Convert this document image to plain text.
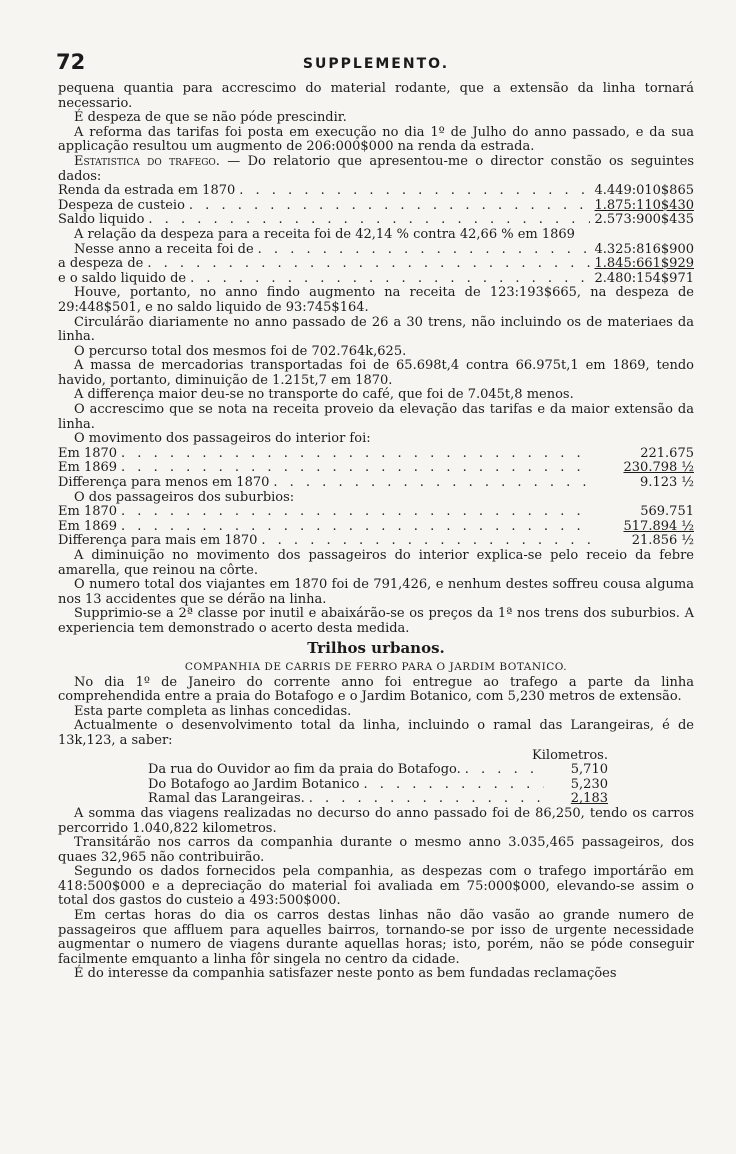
72	SUPPLEMENTO.

pequena quantia para accrescimo do material rodante, que a extensão da linha tornará necessario.

É despeza de que se não póde prescindir.

A reforma das tarifas foi posta em execução no dia 1º de Julho do anno passado, e da sua applicação resultou um augmento de 206:000$000 na renda da estrada.

Estatistica do trafego. — Do relatorio que apresentou-me o director constão os seguintes dados:

Renda da estrada em 1870 . . .	4.449:010$865
Despeza de custeio . . .	1.875:110$430
Saldo liquido . . .	2.573:900$435

A relação da despeza para a receita foi de 42,14 % contra 42,66 % em 1869

Nesse anno a receita foi de . . .	4.325:816$900
a despeza de . . .	1.845:661$929
e o saldo liquido de . . .	2.480:154$971

Houve, portanto, no anno findo augmento na receita de 123:193$665, na despeza de 29:448$501, e no saldo liquido de 93:745$164.

Circulárão diariamente no anno passado de 26 a 30 trens, não incluindo os de materiaes da linha.

O percurso total dos mesmos foi de 702.764k,625.

A massa de mercadorias transportadas foi de 65.698t,4 contra 66.975t,1 em 1869, tendo havido, portanto, diminuição de 1.215t,7 em 1870.

A differença maior deu-se no transporte do café, que foi de 7.045t,8 menos.

O accrescimo que se nota na receita proveio da elevação das tarifas e da maior extensão da linha.

O movimento dos passageiros do interior foi:

Em 1870 . . .	221.675
Em 1869 . . .	230.798 ½
Differença para menos em 1870 . . .	9.123 ½

O dos passageiros dos suburbios:

Em 1870 . . .	569.751
Em 1869 . . .	517.894 ½
Differença para mais em 1870 . . .	21.856 ½

A diminuição no movimento dos passageiros do interior explica-se pelo receio da febre amarella, que reinou na côrte.

O numero total dos viajantes em 1870 foi de 791,426, e nenhum destes soffreu cousa alguma nos 13 accidentes que se dérão na linha.

Supprimio-se a 2ª classe por inutil e abaixárão-se os preços da 1ª nos trens dos suburbios. A experiencia tem demonstrado o acerto desta medida.

Trilhos urbanos.
COMPANHIA DE CARRIS DE FERRO PARA O JARDIM BOTANICO.

No dia 1º de Janeiro do corrente anno foi entregue ao trafego a parte da linha comprehendida entre a praia do Botafogo e o Jardim Botanico, com 5,230 metros de extensão.

Esta parte completa as linhas concedidas.

Actualmente o desenvolvimento total da linha, incluindo o ramal das Larangeiras, é de 13k,123, a saber:

Kilometros.
Da rua do Ouvidor ao fim da praia do Botafogo. . . .	5,710
Do Botafogo ao Jardim Botanico . . .	5,230
Ramal das Larangeiras. . . .	2,183

A somma das viagens realizadas no decurso do anno passado foi de 86,250, tendo os carros percorrido 1.040,822 kilometros.

Transitárão nos carros da companhia durante o mesmo anno 3.035,465 passageiros, dos quaes 32,965 não contribuirão.

Segundo os dados fornecidos pela companhia, as despezas com o trafego importárão em 418:500$000 e a depreciação do material foi avaliada em 75:000$000, elevando-se assim o total dos gastos do custeio a 493:500$000.

Em certas horas do dia os carros destas linhas não dão vasão ao grande numero de passageiros que affluem para aquelles bairros, tornando-se por isso de urgente necessidade augmentar o numero de viagens durante aquellas horas; isto, porém, não se póde conseguir facilmente emquanto a linha fôr singela no centro da cidade.

É do interesse da companhia satisfazer neste ponto as bem fundadas reclamações
